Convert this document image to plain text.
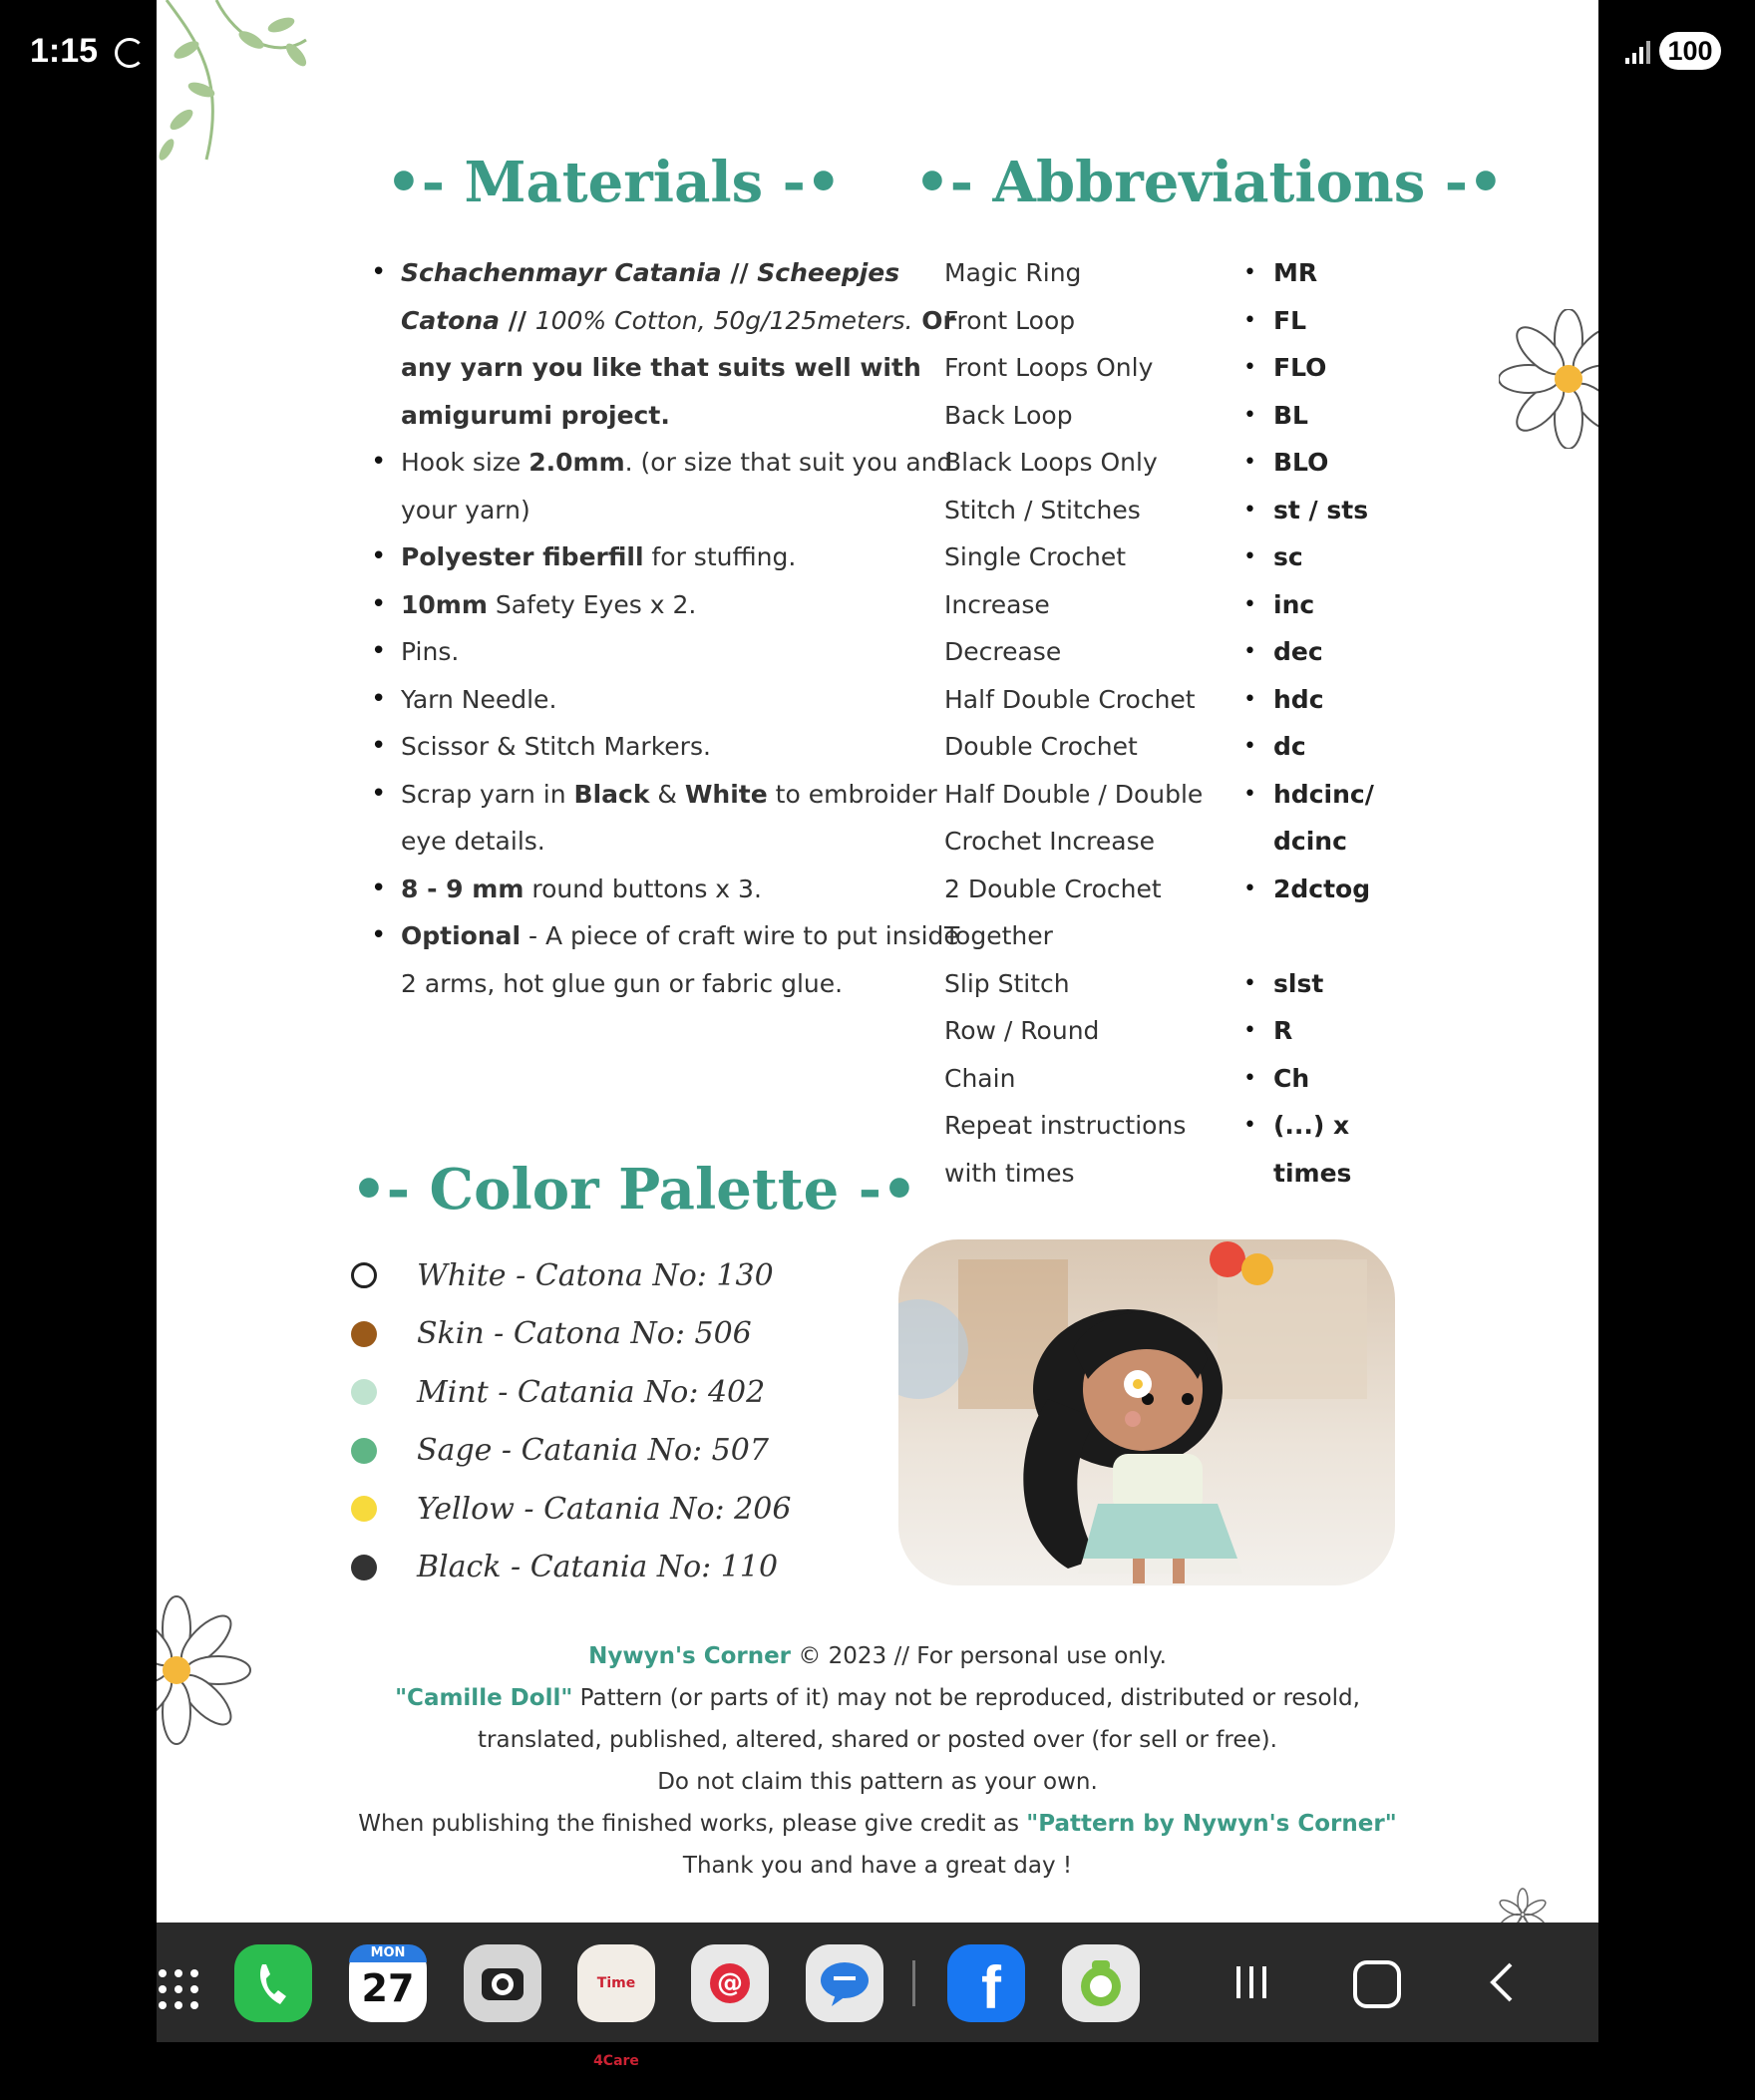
1:15	100
•- Materials -•
• Schachenmayr Catania // Scheepjes Catona // 100% Cotton, 50g/125meters. Or any yarn you like that suits well with amigurumi project.
• Hook size 2.0mm. (or size that suit you and your yarn)
• Polyester fiberfill for stuffing.
• 10mm Safety Eyes x 2.
• Pins.
• Yarn Needle.
• Scissor & Stitch Markers.
• Scrap yarn in Black & White to embroider eye details.
• 8 - 9 mm round buttons x 3.
• Optional - A piece of craft wire to put inside 2 arms, hot glue gun or fabric glue.
•- Abbreviations -•
Magic Ring	•	MR
Front Loop	•	FL
Front Loops Only	•	FLO
Back Loop	•	BL
Black Loops Only	•	BLO
Stitch / Stitches	•	st / sts
Single Crochet	•	sc
Increase	•	inc
Decrease	•	dec
Half Double Crochet	•	hdc
Double Crochet	•	dc
Half Double / Double	•	hdcinc/
Crochet Increase		dcinc
2 Double Crochet	•	2dctog
Together		
Slip Stitch	•	slst
Row / Round	•	R
Chain	•	Ch
Repeat instructions	•	(...) x
with times		times
•- Color Palette -•
White - Catona No: 130
Skin - Catona No: 506
Mint - Catania No: 402
Sage - Catania No: 507
Yellow - Catania No: 206
Black - Catania No: 110
Nywyn's Corner © 2023 // For personal use only.
"Camille Doll" Pattern (or parts of it) may not be reproduced, distributed or resold,
translated, published, altered, shared or posted over (for sell or free).
Do not claim this pattern as your own.
When publishing the finished works, please give credit as "Pattern by Nywyn's Corner"
Thank you and have a great day !
MON
27	Time 4Care
@	f
